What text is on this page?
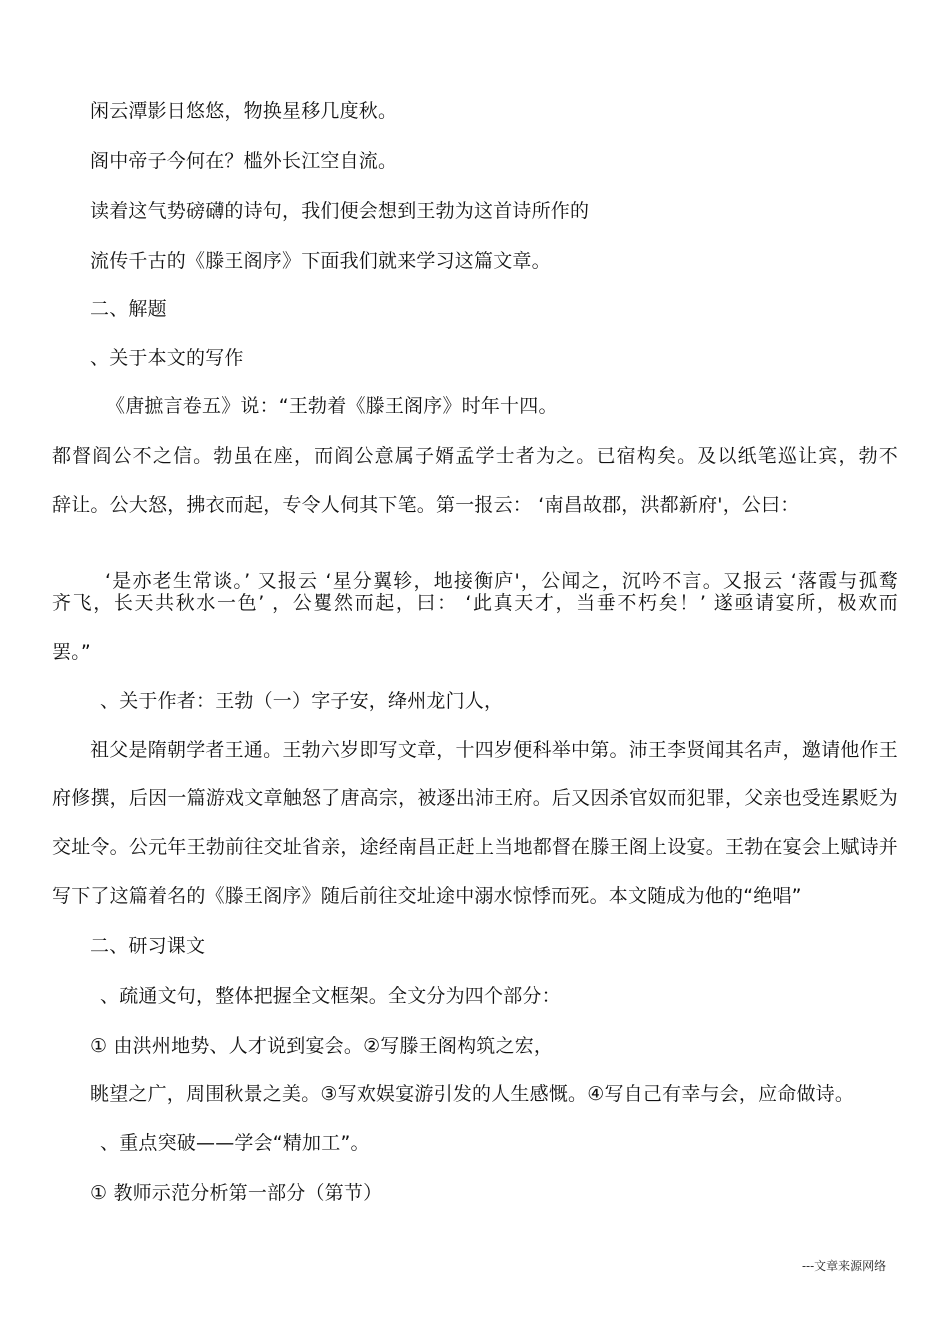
闲云潭影日悠悠，物换星移几度秋。
阁中帝子今何在？槛外长江空自流。
读着这气势磅礴的诗句，我们便会想到王勃为这首诗所作的
流传千古的《滕王阁序》下面我们就来学习这篇文章。
二、解题
、关于本文的写作
《唐摭言卷五》说：“王勃着《滕王阁序》时年十四。
都督阎公不之信。勃虽在座，而阎公意属子婿孟学士者为之。已宿构矣。及以纸笔巡让宾，勃不
辞让。公大怒，拂衣而起，专令人伺其下笔。第一报云： ‘南昌故郡，洪都新府'，公曰：
‘是亦老生常谈。’ 又报云 ‘星分翼轸，地接衡庐'，公闻之，沉吟不言。又报云 ‘落霞与孤鹜
齐飞，长天共秋水一色’ ，公矍然而起，曰： ‘此真天才，当垂不朽矣！’ 遂亟请宴所，极欢而
罢。”
、关于作者：王勃（一）字子安，绛州龙门人，
祖父是隋朝学者王通。王勃六岁即写文章，十四岁便科举中第。沛王李贤闻其名声，邀请他作王
府修撰，后因一篇游戏文章触怒了唐高宗，被逐出沛王府。后又因杀官奴而犯罪，父亲也受连累贬为
交址令。公元年王勃前往交址省亲，途经南昌正赶上当地都督在滕王阁上设宴。王勃在宴会上赋诗并
写下了这篇着名的《滕王阁序》随后前往交址途中溺水惊悸而死。本文随成为他的“绝唱”
二、研习课文
、疏通文句，整体把握全文框架。全文分为四个部分：
① 由洪州地势、人才说到宴会。②写滕王阁构筑之宏，
眺望之广，周围秋景之美。③写欢娱宴游引发的人生感慨。④写自己有幸与会，应命做诗。
、重点突破——学会“精加工”。
① 教师示范分析第一部分（第节）
---文章来源网络
